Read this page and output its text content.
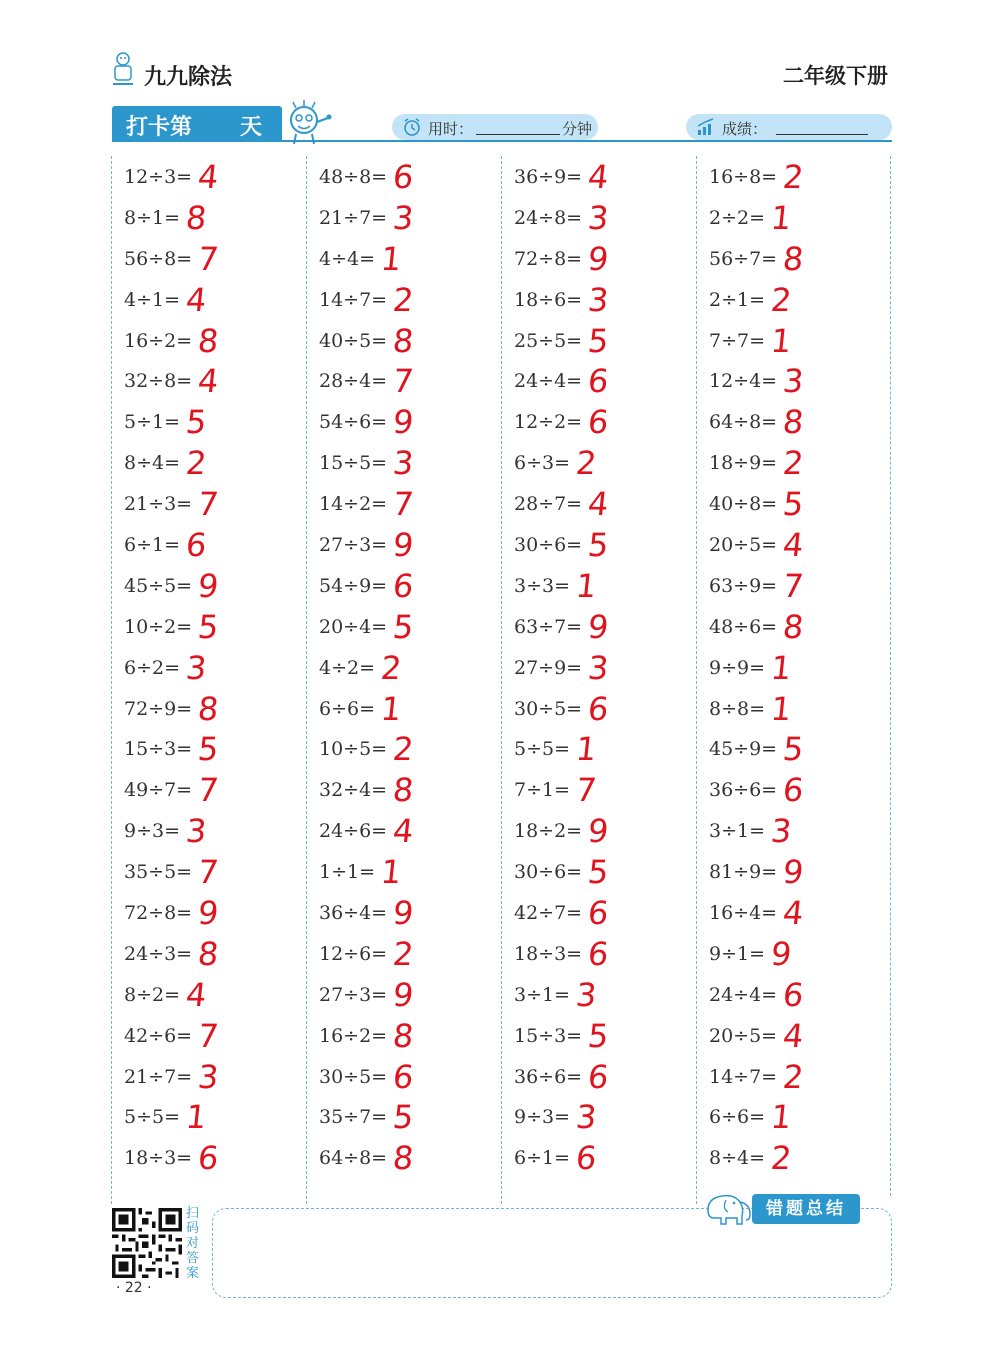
九九除法	二年级下册
打卡第 天	用时：	分钟	成绩：
12÷3= 4
8÷1= 8
56÷8= 7
4÷1= 4
16÷2= 8
32÷8= 4
5÷1= 5
8÷4= 2
21÷3= 7
6÷1= 6
45÷5= 9
10÷2= 5
6÷2= 3
72÷9= 8
15÷3= 5
49÷7= 7
9÷3= 3
35÷5= 7
72÷8= 9
24÷3= 8
8÷2= 4
42÷6= 7
21÷7= 3
5÷5= 1
18÷3= 6
48÷8= 6
21÷7= 3
4÷4= 1
14÷7= 2
40÷5= 8
28÷4= 7
54÷6= 9
15÷5= 3
14÷2= 7
27÷3= 9
54÷9= 6
20÷4= 5
4÷2= 2
6÷6= 1
10÷5= 2
32÷4= 8
24÷6= 4
1÷1= 1
36÷4= 9
12÷6= 2
27÷3= 9
16÷2= 8
30÷5= 6
35÷7= 5
64÷8= 8
36÷9= 4
24÷8= 3
72÷8= 9
18÷6= 3
25÷5= 5
24÷4= 6
12÷2= 6
6÷3= 2
28÷7= 4
30÷6= 5
3÷3= 1
63÷7= 9
27÷9= 3
30÷5= 6
5÷5= 1
7÷1= 7
18÷2= 9
30÷6= 5
42÷7= 6
18÷3= 6
3÷1= 3
15÷3= 5
36÷6= 6
9÷3= 3
6÷1= 6
16÷8= 2
2÷2= 1
56÷7= 8
2÷1= 2
7÷7= 1
12÷4= 3
64÷8= 8
18÷9= 2
40÷8= 5
20÷5= 4
63÷9= 7
48÷6= 8
9÷9= 1
8÷8= 1
45÷9= 5
36÷6= 6
3÷1= 3
81÷9= 9
16÷4= 4
9÷1= 9
24÷4= 6
20÷5= 4
14÷7= 2
6÷6= 1
8÷4= 2
扫码对答案
· 22 ·
错题总结
